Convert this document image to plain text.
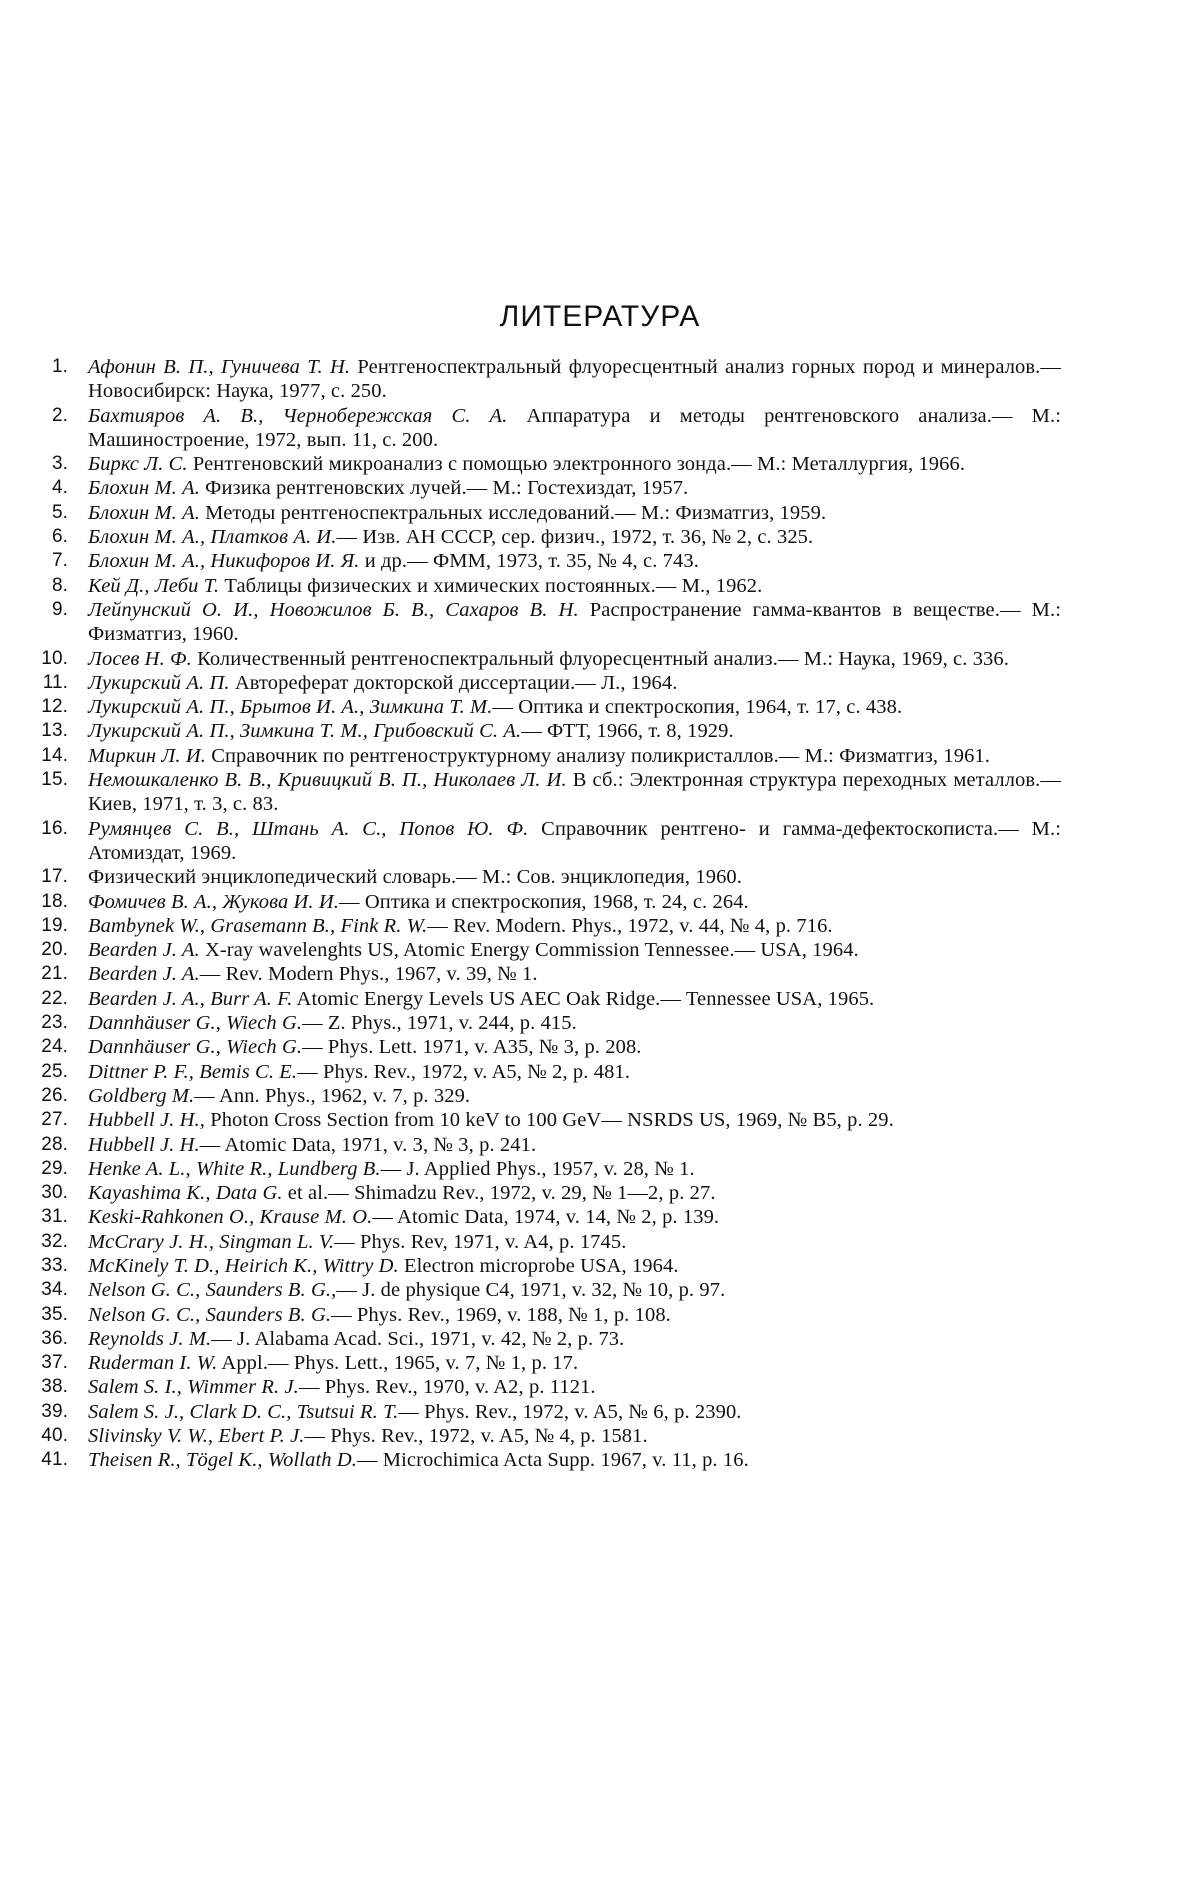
ЛИТЕРАТУРА
1. Афонин В. П., Гуничева Т. Н. Рентгеноспектральный флуоресцентный анализ горных пород и минералов.— Новосибирск: Наука, 1977, с. 250.
2. Бахтияров А. В., Чернобережская С. А. Аппаратура и методы рентгеновского анализа.— М.: Машиностроение, 1972, вып. 11, с. 200.
3. Биркс Л. С. Рентгеновский микроанализ с помощью электронного зонда.— М.: Металлургия, 1966.
4. Блохин М. А. Физика рентгеновских лучей.— М.: Гостехиздат, 1957.
5. Блохин М. А. Методы рентгеноспектральных исследований.— М.: Физматгиз, 1959.
6. Блохин М. А., Платков А. И.— Изв. АН СССР, сер. физич., 1972, т. 36, № 2, с. 325.
7. Блохин М. А., Никифоров И. Я. и др.— ФММ, 1973, т. 35, № 4, с. 743.
8. Кей Д., Леби Т. Таблицы физических и химических постоянных.— М., 1962.
9. Лейпунский О. И., Новожилов Б. В., Сахаров В. Н. Распространение гамма-квантов в веществе.— М.: Физматгиз, 1960.
10. Лосев Н. Ф. Количественный рентгеноспектральный флуоресцентный анализ.— М.: Наука, 1969, с. 336.
11. Лукирский А. П. Автореферат докторской диссертации.— Л., 1964.
12. Лукирский А. П., Брытов И. А., Зимкина Т. М.— Оптика и спектроскопия, 1964, т. 17, с. 438.
13. Лукирский А. П., Зимкина Т. М., Грибовский С. А.— ФТТ, 1966, т. 8, 1929.
14. Миркин Л. И. Справочник по рентгеноструктурному анализу поликристаллов.— М.: Физматгиз, 1961.
15. Немошкаленко В. В., Кривицкий В. П., Николаев Л. И. В сб.: Электронная структура переходных металлов.— Киев, 1971, т. 3, с. 83.
16. Румянцев С. В., Штань А. С., Попов Ю. Ф. Справочник рентгено- и гамма-дефектоскописта.— М.: Атомиздат, 1969.
17. Физический энциклопедический словарь.— М.: Сов. энциклопедия, 1960.
18. Фомичев В. А., Жукова И. И.— Оптика и спектроскопия, 1968, т. 24, с. 264.
19. Bambynek W., Grasemann B., Fink R. W.— Rev. Modern. Phys., 1972, v. 44, № 4, p. 716.
20. Bearden J. A. X-ray wavelenghts US, Atomic Energy Commission Tennessee.— USA, 1964.
21. Bearden J. A.— Rev. Modern Phys., 1967, v. 39, № 1.
22. Bearden J. A., Burr A. F. Atomic Energy Levels US AEC Oak Ridge.— Tennessee USA, 1965.
23. Dannhäuser G., Wiech G.— Z. Phys., 1971, v. 244, p. 415.
24. Dannhäuser G., Wiech G.— Phys. Lett. 1971, v. A35, № 3, p. 208.
25. Dittner P. F., Bemis C. E.— Phys. Rev., 1972, v. A5, № 2, p. 481.
26. Goldberg M.— Ann. Phys., 1962, v. 7, p. 329.
27. Hubbell J. H., Photon Cross Section from 10 keV to 100 GeV— NSRDS US, 1969, № B5, p. 29.
28. Hubbell J. H.— Atomic Data, 1971, v. 3, № 3, p. 241.
29. Henke A. L., White R., Lundberg B.— J. Applied Phys., 1957, v. 28, № 1.
30. Kayashima K., Data G. et al.— Shimadzu Rev., 1972, v. 29, № 1—2, p. 27.
31. Keski-Rahkonen O., Krause M. O.— Atomic Data, 1974, v. 14, № 2, p. 139.
32. McCrary J. H., Singman L. V.— Phys. Rev, 1971, v. A4, p. 1745.
33. McKinely T. D., Heirich K., Wittry D. Electron microprobe USA, 1964.
34. Nelson G. C., Saunders B. G.,— J. de physique C4, 1971, v. 32, № 10, p. 97.
35. Nelson G. C., Saunders B. G.— Phys. Rev., 1969, v. 188, № 1, p. 108.
36. Reynolds J. M.— J. Alabama Acad. Sci., 1971, v. 42, № 2, p. 73.
37. Ruderman I. W. Appl.— Phys. Lett., 1965, v. 7, № 1, p. 17.
38. Salem S. I., Wimmer R. J.— Phys. Rev., 1970, v. A2, p. 1121.
39. Salem S. J., Clark D. C., Tsutsui R. T.— Phys. Rev., 1972, v. A5, № 6, p. 2390.
40. Slivinsky V. W., Ebert P. J.— Phys. Rev., 1972, v. A5, № 4, p. 1581.
41. Theisen R., Tögel K., Wollath D.— Microchimica Acta Supp. 1967, v. 11, p. 16.
